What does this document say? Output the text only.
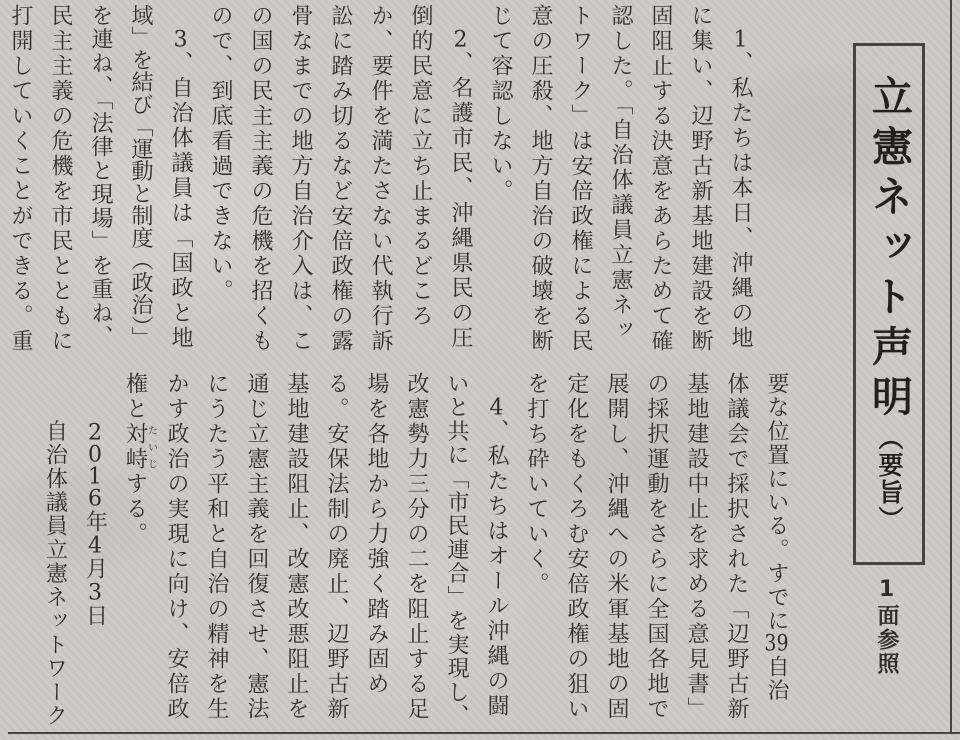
立憲ネット声明
（要旨）
1面参照
　1、私たちは本日、沖縄の地
に集い、辺野古新基地建設を断
固阻止する決意をあらためて確
認した。「自治体議員立憲ネッ
トワーク」は安倍政権による民
意の圧殺、地方自治の破壊を断
じて容認しない。
　2、名護市民、沖縄県民の圧
倒的民意に立ち止まるどころ
か、要件を満たさない代執行訴
訟に踏み切るなど安倍政権の露
骨なまでの地方自治介入は、こ
の国の民主主義の危機を招くも
ので、到底看過できない。
　3、自治体議員は「国政と地
域」を結び「運動と制度（政治）」
を連ね、「法律と現場」を重ね、
民主主義の危機を市民とともに
打開していくことができる。重
要な位置にいる。すでに39自治
体議会で採択された「辺野古新
基地建設中止を求める意見書」
の採択運動をさらに全国各地で
展開し、沖縄への米軍基地の固
定化をもくろむ安倍政権の狙い
を打ち砕いていく。
　4、私たちはオール沖縄の闘
いと共に「市民連合」を実現し、
改憲勢力三分の二を阻止する足
場を各地から力強く踏み固め
る。安保法制の廃止、辺野古新
基地建設阻止、改憲改悪阻止を
通じ立憲主義を回復させ、憲法
にうたう平和と自治の精神を生
かす政治の実現に向け、安倍政
権と対峙たいじする。
　　2016年4月3日
　　自治体議員立憲ネットワーク
